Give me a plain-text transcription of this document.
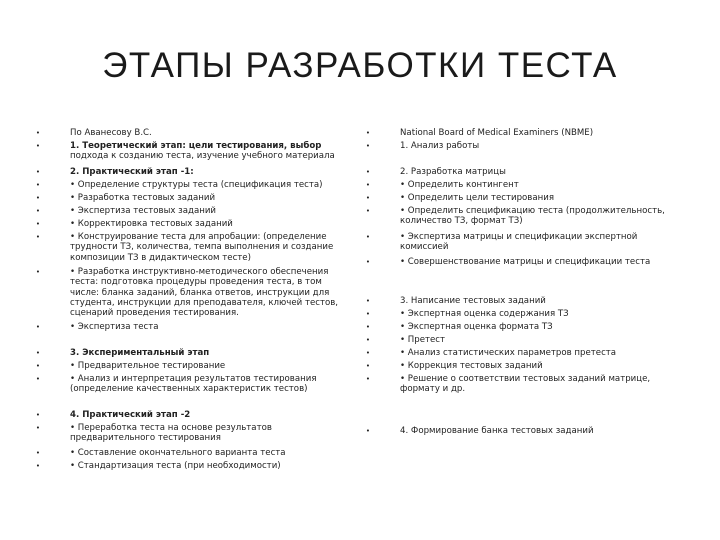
ЭТАПЫ РАЗРАБОТКИ ТЕСТА
•	По Аванесову В.С.
•	1. Теоретический этап: цели тестирования, выбор
подхода к созданию теста, изучение учебного материала
•	2. Практический этап -1:
•	• Определение структуры теста (спецификация теста)
•	• Разработка тестовых заданий
•	• Экспертиза тестовых заданий
•	• Корректировка тестовых заданий
•	• Конструирование теста для апробации: (определение
трудности ТЗ, количества, темпа выполнения и создание
композиции ТЗ в дидактическом тесте)
•	• Разработка инструктивно-методического обеспечения
теста: подготовка процедуры проведения теста, в том
числе: бланка заданий, бланка ответов, инструкции для
студента, инструкции для преподавателя, ключей тестов,
сценарий проведения тестирования.
•	• Экспертиза теста
•	3. Экспериментальный этап
•	• Предварительное тестирование
•	• Анализ и интерпретация результатов тестирования
(определение качественных характеристик тестов)
•	4. Практический этап -2
•	• Переработка теста на основе результатов
предварительного тестирования
•	• Составление окончательного варианта теста
•	• Стандартизация теста (при необходимости)
•	National Board of Medical Examiners (NBME)
•	1. Анализ работы
•	2. Разработка матрицы
•	• Определить контингент
•	• Определить цели тестирования
•	• Определить спецификацию теста (продолжительность,
количество ТЗ, формат ТЗ)
•	• Экспертиза матрицы и спецификации экспертной
комиссией
•	• Совершенствование матрицы и спецификации теста
•	3. Написание тестовых заданий
•	• Экспертная оценка содержания ТЗ
•	• Экспертная оценка формата ТЗ
•	• Претест
•	• Анализ статистических параметров претеста
•	• Коррекция тестовых заданий
•	• Решение о соответствии тестовых заданий матрице,
формату и др.
•	4. Формирование банка тестовых заданий
